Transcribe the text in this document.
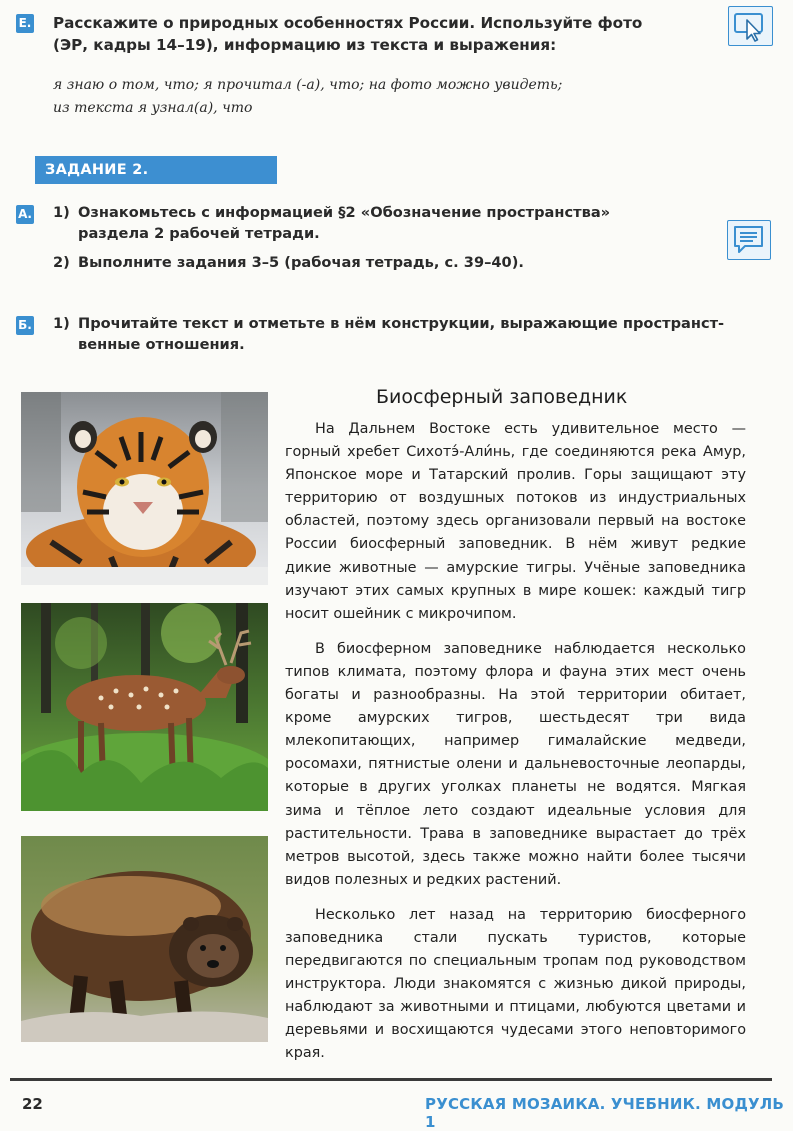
Е. Расскажите о природных особенностях России. Используйте фото
(ЭР, кадры 14–19), информацию из текста и выражения:
я знаю о том, что; я прочитал (-а), что; на фото можно увидеть;
из текста я узнал(а), что
ЗАДАНИЕ 2.
А. 1) Ознакомьтесь с информацией §2 «Обозначение пространства»
раздела 2 рабочей тетради.
2) Выполните задания 3–5 (рабочая тетрадь, с. 39–40).
Б. 1) Прочитайте текст и отметьте в нём конструкции, выражающие пространст-
венные отношения.
Биосферный заповедник

На Дальнем Востоке есть удивительное место — горный хребет Сихотэ́-Али́нь, где соединяются река Амур, Японское море и Татарский пролив. Горы защищают эту территорию от воздушных потоков из индустриальных областей, поэтому здесь организовали первый на востоке России биосферный заповедник. В нём живут редкие дикие животные — амурские тигры. Учёные заповедника изучают этих самых крупных в мире кошек: каждый тигр носит ошейник с микрочипом.

В биосферном заповеднике наблюдается несколько типов климата, поэтому флора и фауна этих мест очень богаты и разнообразны. На этой территории обитает, кроме амурских тигров, шестьдесят три вида млекопитающих, например гималайские медведи, росомахи, пятнистые олени и дальневосточные леопарды, которые в других уголках планеты не водятся. Мягкая зима и тёплое лето создают идеальные условия для растительности. Трава в заповеднике вырастает до трёх метров высотой, здесь также можно найти более тысячи видов полезных и редких растений.

Несколько лет назад на территорию биосферного заповедника стали пускать туристов, которые передвигаются по специальным тропам под руководством инструктора. Люди знакомятся с жизнью дикой природы, наблюдают за животными и птицами, любуются цветами и деревьями и восхищаются чудесами этого неповторимого края.

22	РУССКАЯ МОЗАИКА. УЧЕБНИК. МОДУЛЬ 1
